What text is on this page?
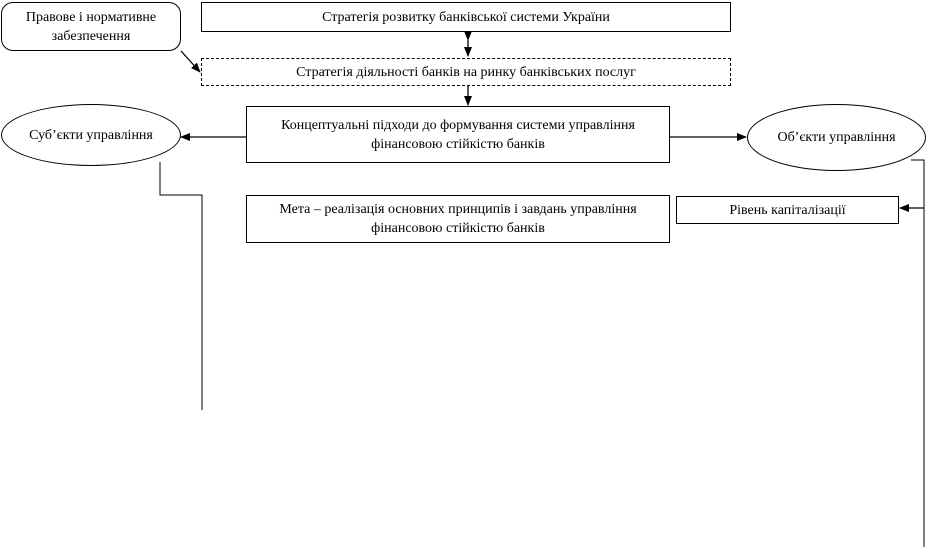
Правове і нормативне забезпечення
Стратегія розвитку банківської системи України
Стратегія діяльності банків на ринку банківських послуг
Концептуальні підходи до формування системи управління фінансовою стійкістю банків
Суб’єкти управління	Об’єкти управління
Мета – реалізація основних принципів і завдань управління фінансовою стійкістю банків
Рівень капіталізації
